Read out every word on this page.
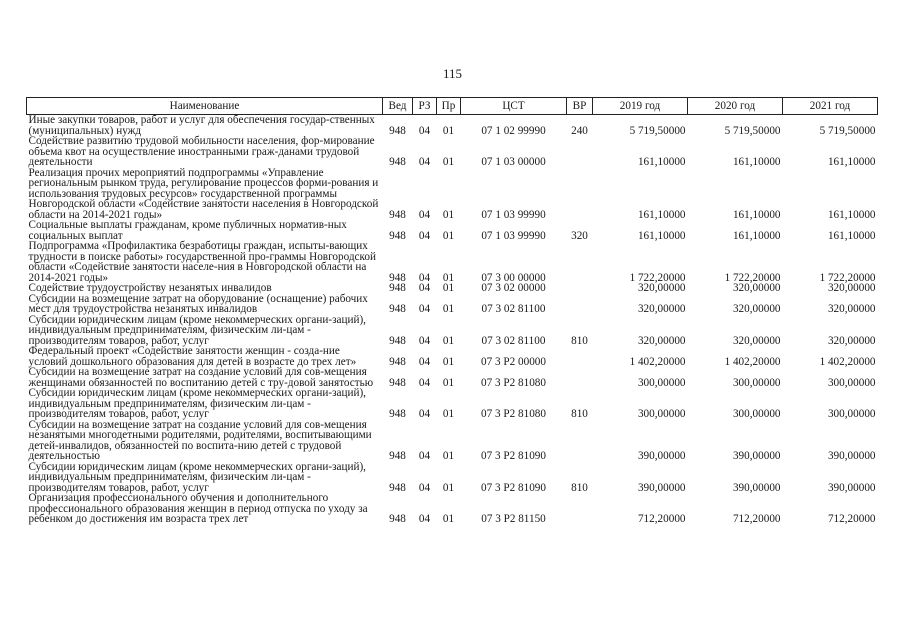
115
Наименование	Вед	РЗ	Пр	ЦСТ	ВР	2019 год	2020 год	2021 год
Иные закупки товаров, работ и услуг для обеспечения государ-ственных (муниципальных) нужд	948	04	01	07 1 02 99990	240	5 719,50000	5 719,50000	5 719,50000
Содействие развитию трудовой мобильности населения, фор-мирование объема квот на осуществление иностранными граж-данами трудовой деятельности	948	04	01	07 1 03 00000		161,10000	161,10000	161,10000
Реализация прочих мероприятий подпрограммы «Управление региональным рынком труда, регулирование процессов форми-рования и использования трудовых ресурсов» государственной программы Новгородской области «Содействие занятости населения в Новгородской области на 2014-2021 годы»	948	04	01	07 1 03 99990		161,10000	161,10000	161,10000
Социальные выплаты гражданам, кроме публичных норматив-ных социальных выплат	948	04	01	07 1 03 99990	320	161,10000	161,10000	161,10000
Подпрограмма «Профилактика безработицы граждан, испыты-вающих трудности в поиске работы» государственной про-граммы Новгородской области «Содействие занятости населе-ния в Новгородской области на 2014-2021 годы»	948	04	01	07 3 00 00000		1 722,20000	1 722,20000	1 722,20000
Содействие трудоустройству незанятых инвалидов	948	04	01	07 3 02 00000		320,00000	320,00000	320,00000
Субсидии на возмещение затрат на оборудование (оснащение) рабочих мест для трудоустройства незанятых инвалидов	948	04	01	07 3 02 81100		320,00000	320,00000	320,00000
Субсидии юридическим лицам (кроме некоммерческих органи-заций), индивидуальным предпринимателям, физическим ли-цам - производителям товаров, работ, услуг	948	04	01	07 3 02 81100	810	320,00000	320,00000	320,00000
Федеральный проект «Содействие занятости женщин - созда-ние условий дошкольного образования для детей в возрасте до трех лет»	948	04	01	07 3 P2 00000		1 402,20000	1 402,20000	1 402,20000
Субсидии на возмещение затрат на создание условий для сов-мещения женщинами обязанностей по воспитанию детей с тру-довой занятостью	948	04	01	07 3 P2 81080		300,00000	300,00000	300,00000
Субсидии юридическим лицам (кроме некоммерческих органи-заций), индивидуальным предпринимателям, физическим ли-цам - производителям товаров, работ, услуг	948	04	01	07 3 P2 81080	810	300,00000	300,00000	300,00000
Субсидии на возмещение затрат на создание условий для сов-мещения незанятыми многодетными родителями, родителями, воспитывающими детей-инвалидов, обязанностей по воспита-нию детей с трудовой деятельностью	948	04	01	07 3 P2 81090		390,00000	390,00000	390,00000
Субсидии юридическим лицам (кроме некоммерческих органи-заций), индивидуальным предпринимателям, физическим ли-цам - производителям товаров, работ, услуг	948	04	01	07 3 P2 81090	810	390,00000	390,00000	390,00000
Организация профессионального обучения и дополнительного профессионального образования женщин в период отпуска по уходу за ребенком до достижения им возраста трех лет	948	04	01	07 3 P2 81150		712,20000	712,20000	712,20000
